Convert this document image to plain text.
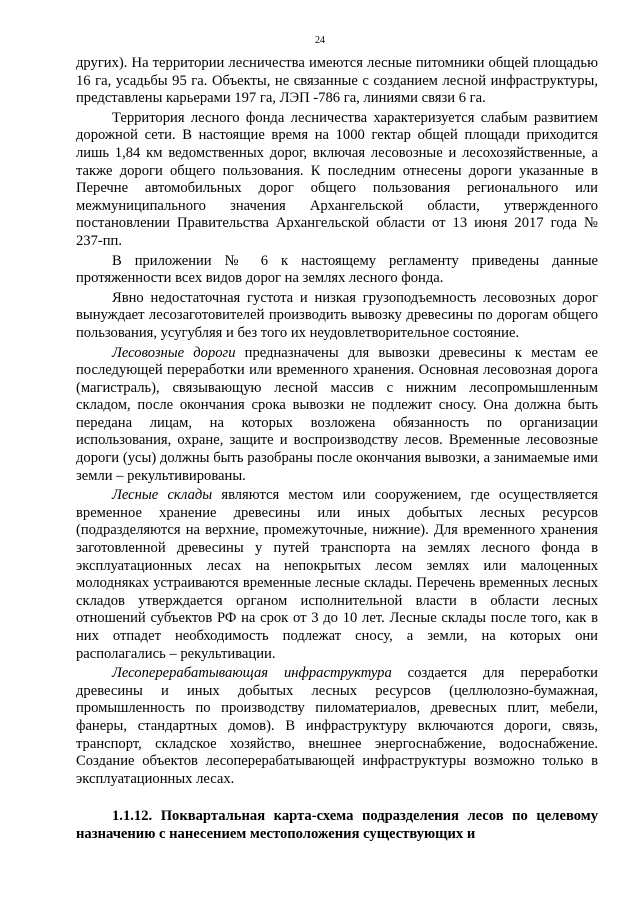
24

других). На территории лесничества имеются лесные питомники общей площадью 16 га, усадьбы 95 га. Объекты, не связанные с созданием лесной инфраструктуры, представлены карьерами 197 га, ЛЭП -786 га, линиями связи 6 га.

Территория лесного фонда лесничества характеризуется слабым развитием дорожной сети. В настоящие время на 1000 гектар общей площади приходится лишь 1,84 км ведомственных дорог, включая лесовозные и лесохозяйственные, а также дороги общего пользования. К последним отнесены дороги указанные в Перечне автомобильных дорог общего пользования регионального или межмуниципального значения Архангельской области, утвержденного постановлении Правительства Архангельской области от 13 июня 2017 года № 237-пп.

В приложении № 6 к настоящему регламенту приведены данные протяженности всех видов дорог на землях лесного фонда.

Явно недостаточная густота и низкая грузоподъемность лесовозных дорог вынуждает лесозаготовителей производить вывозку древесины по дорогам общего пользования, усугубляя и без того их неудовлетворительное состояние.

Лесовозные дороги предназначены для вывозки древесины к местам ее последующей переработки или временного хранения. Основная лесовозная дорога (магистраль), связывающую лесной массив с нижним лесопромышленным складом, после окончания срока вывозки не подлежит сносу. Она должна быть передана лицам, на которых возложена обязанность по организации использования, охране, защите и воспроизводству лесов. Временные лесовозные дороги (усы) должны быть разобраны после окончания вывозки, а занимаемые ими земли – рекультивированы.

Лесные склады являются местом или сооружением, где осуществляется временное хранение древесины или иных добытых лесных ресурсов (подразделяются на верхние, промежуточные, нижние). Для временного хранения заготовленной древесины у путей транспорта на землях лесного фонда в эксплуатационных лесах на непокрытых лесом землях или малоценных молодняках устраиваются временные лесные склады. Перечень временных лесных складов утверждается органом исполнительной власти в области лесных отношений субъектов РФ на срок от 3 до 10 лет. Лесные склады после того, как в них отпадет необходимость подлежат сносу, а земли, на которых они располагались – рекультивации.

Лесоперерабатывающая инфраструктура создается для переработки древесины и иных добытых лесных ресурсов (целлюлозно-бумажная, промышленность по производству пиломатериалов, древесных плит, мебели, фанеры, стандартных домов). В инфраструктуру включаются дороги, связь, транспорт, складское хозяйство, внешнее энергоснабжение, водоснабжение. Создание объектов лесоперерабатывающей инфраструктуры возможно только в эксплуатационных лесах.

1.1.12. Поквартальная карта-схема подразделения лесов по целевому назначению с нанесением местоположения существующих и
